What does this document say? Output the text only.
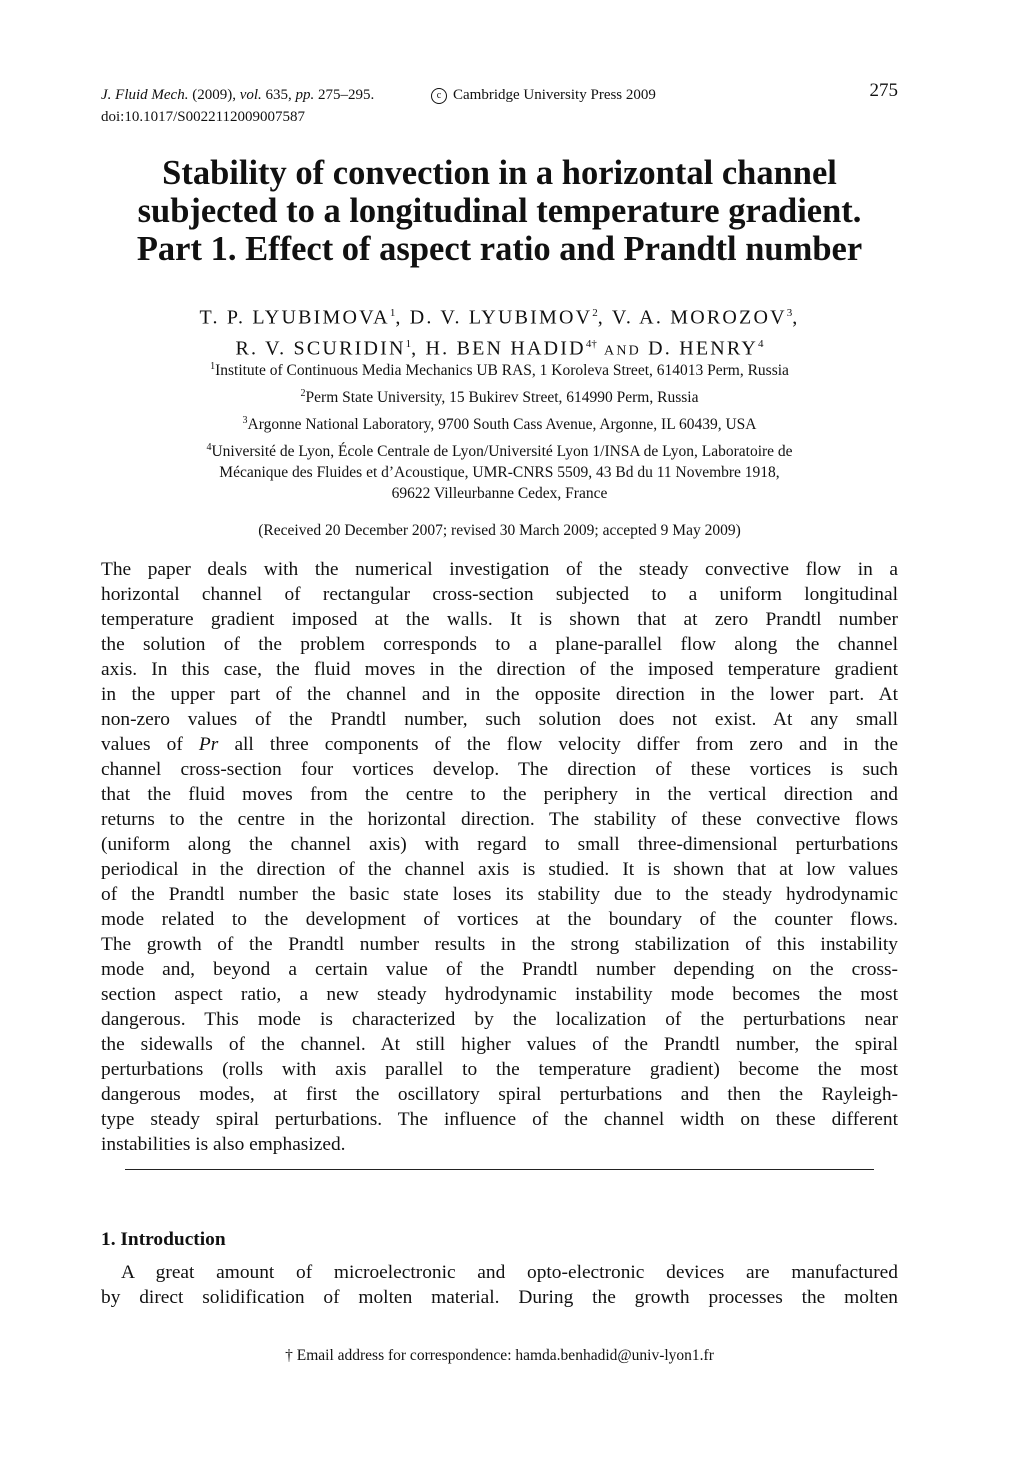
J. Fluid Mech. (2009), vol. 635, pp. 275–295.	c Cambridge University Press 2009	275
doi:10.1017/S0022112009007587
Stability of convection in a horizontal channel
subjected to a longitudinal temperature gradient.
Part 1. Effect of aspect ratio and Prandtl number
T. P. LYUBIMOVA$^1$, D. V. LYUBIMOV$^2$, V. A. MOROZOV$^3$,
R. V. SCURIDIN$^1$, H. BEN $HADID^{4\dagger}$ AND D. HENRY$^4$
$^1$Institute of Continuous Media Mechanics UB RAS, 1 Koroleva Street, 614013 Perm, Russia
$^2$Perm State University, 15 Bukirev Street, 614990 Perm, Russia
$^3$Argonne National Laboratory, 9700 South Cass Avenue, Argonne, IL 60439, USA
$^4$Université de Lyon, École Centrale de Lyon/Université Lyon 1/INSA de Lyon, Laboratoire de
Mécanique des Fluides et d’Acoustique, UMR-CNRS 5509, 43 Bd du 11 Novembre 1918,
69622 Villeurbanne Cedex, France
(Received 20 December 2007; revised 30 March 2009; accepted 9 May 2009)
The paper deals with the numerical investigation of the steady convective flow in a
horizontal channel of rectangular cross-section subjected to a uniform longitudinal
temperature gradient imposed at the walls. It is shown that at zero Prandtl number
the solution of the problem corresponds to a plane-parallel flow along the channel
axis. In this case, the fluid moves in the direction of the imposed temperature gradient
in the upper part of the channel and in the opposite direction in the lower part. At
non-zero values of the Prandtl number, such solution does not exist. At any small
values of Pr all three components of the flow velocity differ from zero and in the
channel cross-section four vortices develop. The direction of these vortices is such
that the fluid moves from the centre to the periphery in the vertical direction and
returns to the centre in the horizontal direction. The stability of these convective flows
(uniform along the channel axis) with regard to small three-dimensional perturbations
periodical in the direction of the channel axis is studied. It is shown that at low values
of the Prandtl number the basic state loses its stability due to the steady hydrodynamic
mode related to the development of vortices at the boundary of the counter flows.
The growth of the Prandtl number results in the strong stabilization of this instability
mode and, beyond a certain value of the Prandtl number depending on the cross-
section aspect ratio, a new steady hydrodynamic instability mode becomes the most
dangerous. This mode is characterized by the localization of the perturbations near
the sidewalls of the channel. At still higher values of the Prandtl number, the spiral
perturbations (rolls with axis parallel to the temperature gradient) become the most
dangerous modes, at first the oscillatory spiral perturbations and then the Rayleigh-
type steady spiral perturbations. The influence of the channel width on these different
instabilities is also emphasized.
1. Introduction
A great amount of microelectronic and opto-electronic devices are manufactured
by direct solidification of molten material. During the growth processes the molten
† Email address for correspondence: hamda.benhadid@univ-lyon1.fr
